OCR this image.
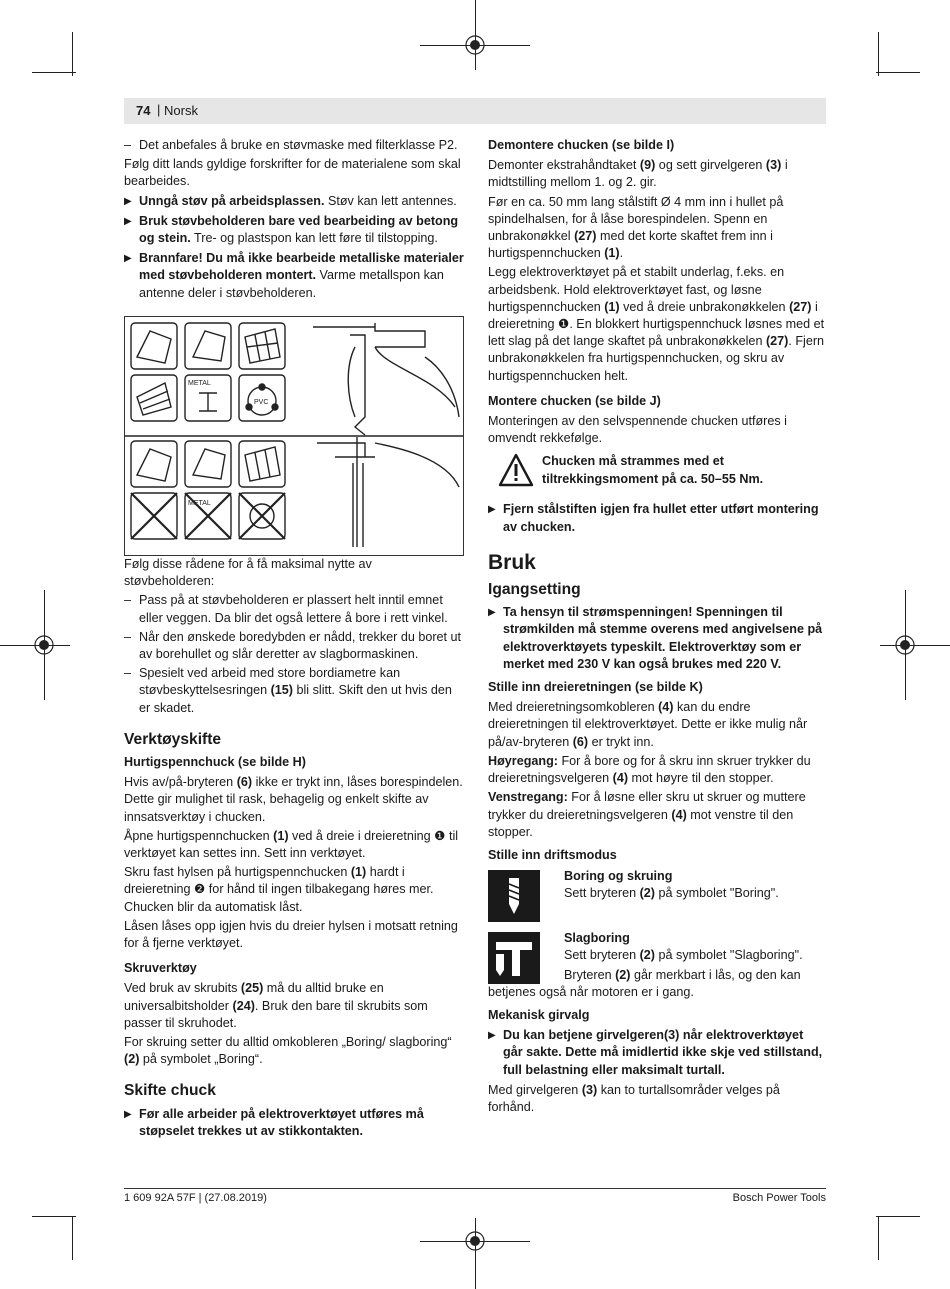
74 | Norsk
– Det anbefales å bruke en støvmaske med filterklasse P2.

Følg ditt lands gyldige forskrifter for de materialene som skal bearbeides.

▶ Unngå støv på arbeidsplassen. Støv kan lett antennes.
▶ Bruk støvbeholderen bare ved bearbeiding av betong og stein. Tre- og plastspon kan lett føre til tilstopping.
▶ Brannfare! Du må ikke bearbeide metalliske materialer med støvbeholderen montert. Varme metallspon kan antenne deler i støvbeholderen.
METAL
METAL
PVC

Følg disse rådene for å få maksimal nytte av støvbeholderen:

– Pass på at støvbeholderen er plassert helt inntil emnet eller veggen. Da blir det også lettere å bore i rett vinkel.
– Når den ønskede boredybden er nådd, trekker du boret ut av borehullet og slår deretter av slagbormaskinen.
– Spesielt ved arbeid med store bordiametre kan støvbeskyttelsesringen (15) bli slitt. Skift den ut hvis den er skadet.
Verktøyskifte
Hurtigspennchuck (se bilde H)

Hvis av/på-bryteren (6) ikke er trykt inn, låses borespindelen. Dette gir mulighet til rask, behagelig og enkelt skifte av innsatsverktøy i chucken.

Åpne hurtigspennchucken (1) ved å dreie i dreieretning ❶ til verktøyet kan settes inn. Sett inn verktøyet.

Skru fast hylsen på hurtigspennchucken (1) hardt i dreieretning ❷ for hånd til ingen tilbakegang høres mer. Chucken blir da automatisk låst.

Låsen låses opp igjen hvis du dreier hylsen i motsatt retning for å fjerne verktøyet.

Skruverktøy

Ved bruk av skrubits (25) må du alltid bruke en universalbitsholder (24). Bruk den bare til skrubits som passer til skruhodet.

For skruing setter du alltid omkobleren „Boring/ slagboring“ (2) på symbolet „Boring“.

Skifte chuck
▶ Før alle arbeider på elektroverktøyet utføres må støpselet trekkes ut av stikkontakten.
Demontere chucken (se bilde I)

Demonter ekstrahåndtaket (9) og sett girvelgeren (3) i midtstilling mellom 1. og 2. gir.

Før en ca. 50 mm lang stålstift Ø 4 mm inn i hullet på spindelhalsen, for å låse borespindelen. Spenn en unbrakonøkkel (27) med det korte skaftet frem inn i hurtigspennchucken (1).

Legg elektroverktøyet på et stabilt underlag, f.eks. en arbeidsbenk. Hold elektroverktøyet fast, og løsne hurtigspennchucken (1) ved å dreie unbrakonøkkelen (27) i dreieretning ❶. En blokkert hurtigspennchuck løsnes med et lett slag på det lange skaftet på unbrakonøkkelen (27). Fjern unbrakonøkkelen fra hurtigspennchucken, og skru av hurtigspennchucken helt.

Montere chucken (se bilde J)

Monteringen av den selvspennende chucken utføres i omvendt rekkefølge.

Chucken må strammes med et tiltrekkingsmoment på ca. 50–55 Nm.
▶ Fjern stålstiften igjen fra hullet etter utført montering av chucken.
Bruk
Igangsetting
▶ Ta hensyn til strømspenningen! Spenningen til strømkilden må stemme overens med angivelsene på elektroverktøyets typeskilt. Elektroverktøy som er merket med 230 V kan også brukes med 220 V.
Stille inn dreieretningen (se bilde K)

Med dreieretningsomkobleren (4) kan du endre dreieretningen til elektroverktøyet. Dette er ikke mulig når på/av-bryteren (6) er trykt inn.

Høyregang: For å bore og for å skru inn skruer trykker du dreieretningsvelgeren (4) mot høyre til den stopper.

Venstregang: For å løsne eller skru ut skruer og muttere trykker du dreieretningsvelgeren (4) mot venstre til den stopper.

Stille inn driftsmodus
Boring og skruing
Sett bryteren (2) på symbolet "Boring".
Slagboring
Sett bryteren (2) på symbolet "Slagboring".

Bryteren (2) går merkbart i lås, og den kan betjenes også når motoren er i gang.

Mekanisk girvalg
▶ Du kan betjene girvelgeren(3) når elektroverktøyet går sakte. Dette må imidlertid ikke skje ved stillstand, full belastning eller maksimalt turtall.

Med girvelgeren (3) kan to turtallsområder velges på forhånd.

1 609 92A 57F | (27.08.2019)	Bosch Power Tools
